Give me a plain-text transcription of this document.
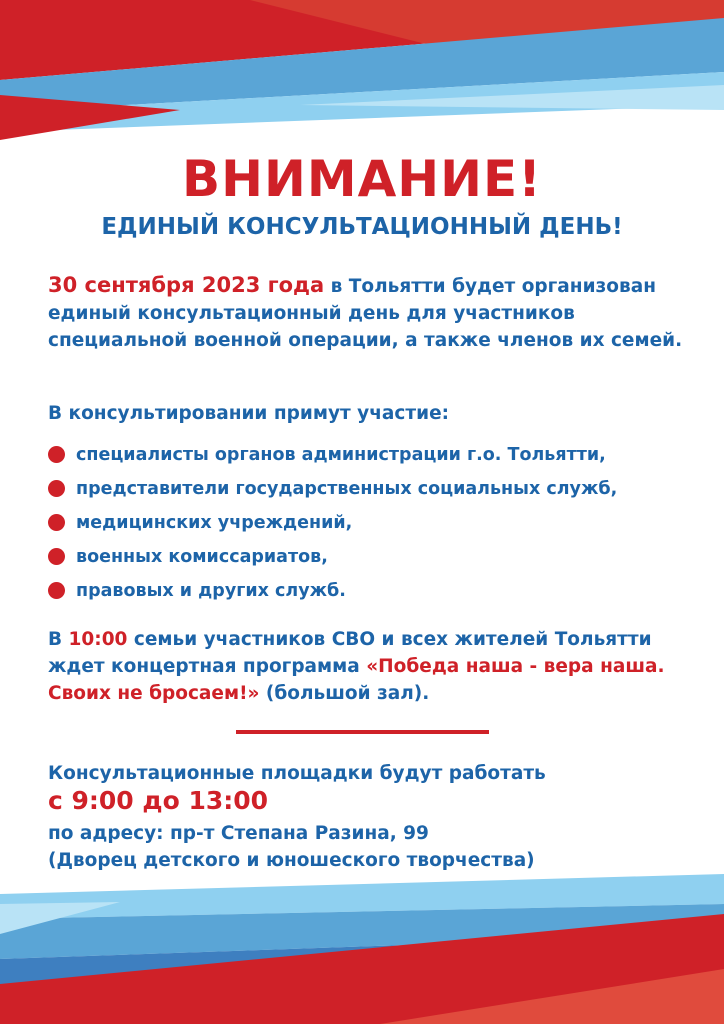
ВНИМАНИЕ!
ЕДИНЫЙ КОНСУЛЬТАЦИОННЫЙ ДЕНЬ!
30 сентября 2023 года в Тольятти будет организован единый консультационный день для участников специальной военной операции, а также членов их семей.
В консультировании примут участие:
специалисты органов администрации г.о. Тольятти,
представители государственных социальных служб,
медицинских учреждений,
военных комиссариатов,
правовых и других служб.
В 10:00 семьи участников СВО и всех жителей Тольятти ждет концертная программа «Победа наша - вера наша. Своих не бросаем!» (большой зал).
Консультационные площадки будут работать
с 9:00 до 13:00
по адресу: пр-т Степана Разина, 99
(Дворец детского и юношеского творчества)
